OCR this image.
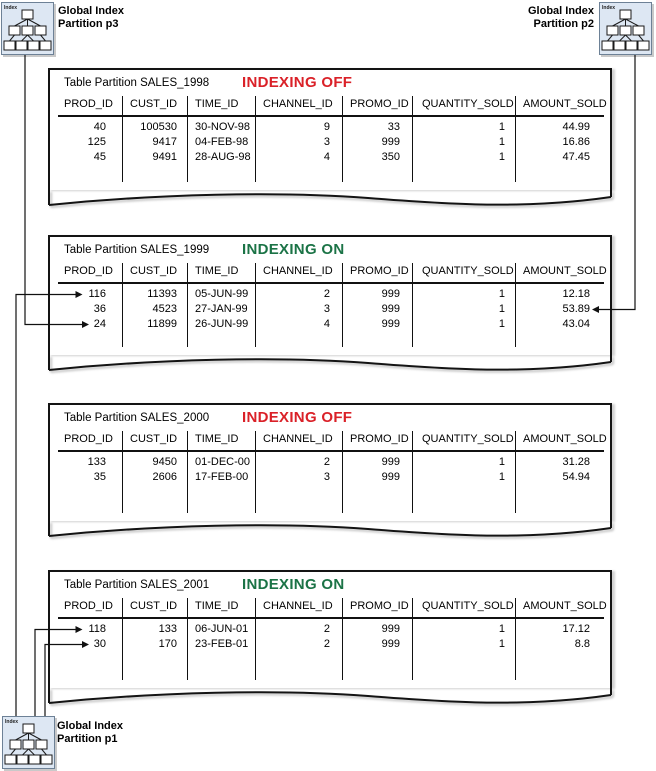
Index	Global Index
Partition p3
Global Index
Partition p2
Index
Index	Global Index
Partition p1
Table Partition SALES_1998 INDEXING OFF
PROD_ID	CUST_ID	TIME_ID	CHANNEL_ID	PROMO_ID	QUANTITY_SOLD AMOUNT_SOLD
40	100530	30-NOV-98	9	33	1	44.99
125	9417	04-FEB-98	3	999	1	16.86
45	9491	28-AUG-98	4	350	1	47.45
Table Partition SALES_1999 INDEXING ON
PROD_ID	CUST_ID	TIME_ID	CHANNEL_ID	PROMO_ID	QUANTITY_SOLD AMOUNT_SOLD
116	11393	05-JUN-99	2	999	1	12.18
36	4523	27-JAN-99	3	999	1	53.89
24	11899	26-JUN-99	4	999	1	43.04
Table Partition SALES_2000 INDEXING OFF
PROD_ID	CUST_ID	TIME_ID	CHANNEL_ID	PROMO_ID	QUANTITY_SOLD AMOUNT_SOLD
133	9450	01-DEC-00	2	999	1	31.28
35	2606	17-FEB-00	3	999	1	54.94
Table Partition SALES_2001 INDEXING ON
PROD_ID	CUST_ID	TIME_ID	CHANNEL_ID	PROMO_ID	QUANTITY_SOLD AMOUNT_SOLD
118	133	06-JUN-01	2	999	1	17.12
30	170	23-FEB-01	2	999	1	8.8
